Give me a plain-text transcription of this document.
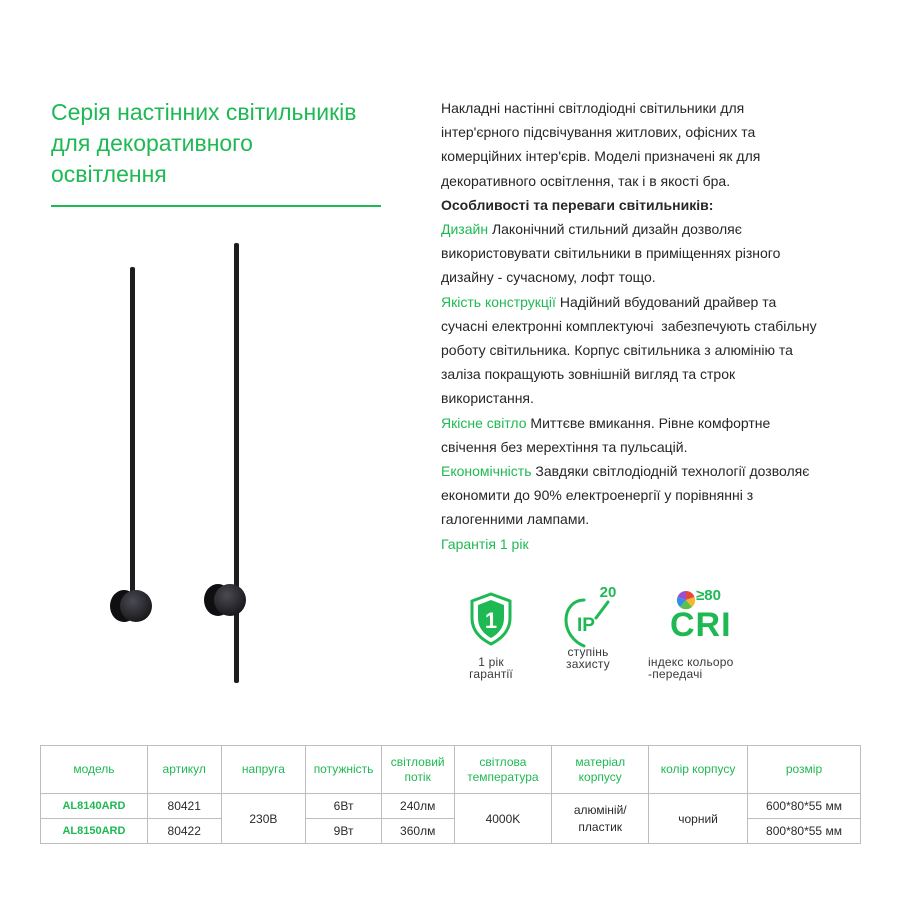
Серія настінних світильників
для декоративного
освітлення

Накладні настінні світлодіодні світильники для

інтер'єрного підсвічування житлових, офісних та

комерційних інтер'єрів. Моделі призначені як для

декоративного освітлення, так і в якості бра.

Особливості та переваги світильників:

Дизайн Лаконічний стильний дизайн дозволяє

використовувати світильники в приміщеннях різного

дизайну - сучасному, лофт тощо.

Якість конструкції Надійний вбудований драйвер та

сучасні електронні комплектуючі  забезпечують стабільну

роботу світильника. Корпус світильника з алюмінію та

заліза покращують зовнішній вигляд та строк

використання.

Якісне світло Миттєве вмикання. Рівне комфортне

свічення без мерехтіння та пульсацій.

Економічність Завдяки світлодіодній технології дозволяє

економити до 90% електроенергії у порівнянні з

галогенними лампами.

Гарантія 1 рік

1
1 рік
гарантії
20
IP
ступінь
захисту
≥80
CRI
індекс кольоро
-передачі
модель	артикул	напруга	потужність	світловий потік	світлова температура	матеріал корпусу	колір корпусу	розмір
AL8140ARD	80421	230В	6Вт	240лм	4000K	алюміній/ пластик	чорний	600*80*55 мм
AL8150ARD	80422		9Вт	360лм				800*80*55 мм
